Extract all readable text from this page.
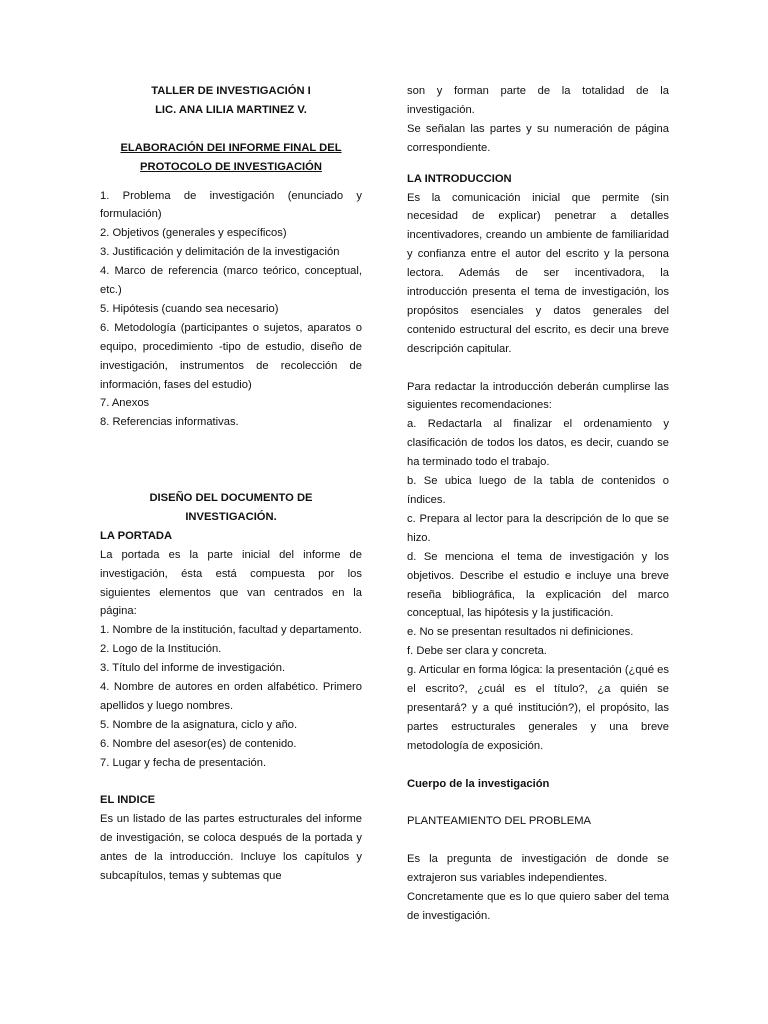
TALLER DE INVESTIGACIÓN I
LIC. ANA LILIA MARTINEZ V.
ELABORACIÓN DEI INFORME FINAL DEL
PROTOCOLO DE INVESTIGACIÓN
1. Problema de investigación (enunciado y formulación)
2. Objetivos (generales y específicos)
3. Justificación y delimitación de la investigación
4. Marco de referencia (marco teórico, conceptual, etc.)
5. Hipótesis (cuando sea necesario)
6. Metodología (participantes o sujetos, aparatos o equipo, procedimiento -tipo de estudio, diseño de investigación, instrumentos de recolección de información, fases del estudio)
7. Anexos
8. Referencias informativas.
DISEÑO DEL DOCUMENTO DE
INVESTIGACIÓN.
LA PORTADA
La portada es la parte inicial del informe de investigación, ésta está compuesta por los siguientes elementos que van centrados en la página:
1. Nombre de la institución, facultad y departamento.
2. Logo de la Institución.
3. Título del informe de investigación.
4. Nombre de autores en orden alfabético. Primero apellidos y luego nombres.
5. Nombre de la asignatura, ciclo y año.
6. Nombre del asesor(es) de contenido.
7. Lugar y fecha de presentación.
EL INDICE
Es un listado de las partes estructurales del informe de investigación, se coloca después de la portada y antes de la introducción. Incluye los capítulos y subcapítulos, temas y subtemas que
son y forman parte de la totalidad de la investigación.
Se señalan las partes y su numeración de página correspondiente.
LA INTRODUCCION
Es la comunicación inicial que permite (sin necesidad de explicar) penetrar a detalles incentivadores, creando un ambiente de familiaridad y confianza entre el autor del escrito y la persona lectora. Además de ser incentivadora, la introducción presenta el tema de investigación, los propósitos esenciales y datos generales del contenido estructural del escrito, es decir una breve descripción capitular.
Para redactar la introducción deberán cumplirse las siguientes recomendaciones:
a. Redactarla al finalizar el ordenamiento y clasificación de todos los datos, es decir, cuando se ha terminado todo el trabajo.
b. Se ubica luego de la tabla de contenidos o índices.
c. Prepara al lector para la descripción de lo que se hizo.
d. Se menciona el tema de investigación y los objetivos. Describe el estudio e incluye una breve reseña bibliográfica, la explicación del marco conceptual, las hipótesis y la justificación.
e. No se presentan resultados ni definiciones.
f. Debe ser clara y concreta.
g. Articular en forma lógica: la presentación (¿qué es el escrito?, ¿cuál es el título?, ¿a quién se presentará? y a qué institución?), el propósito, las partes estructurales generales y una breve metodología de exposición.
Cuerpo de la investigación
PLANTEAMIENTO DEL PROBLEMA
Es la pregunta de investigación de donde se extrajeron sus variables independientes.
Concretamente que es lo que quiero saber del tema de investigación.
